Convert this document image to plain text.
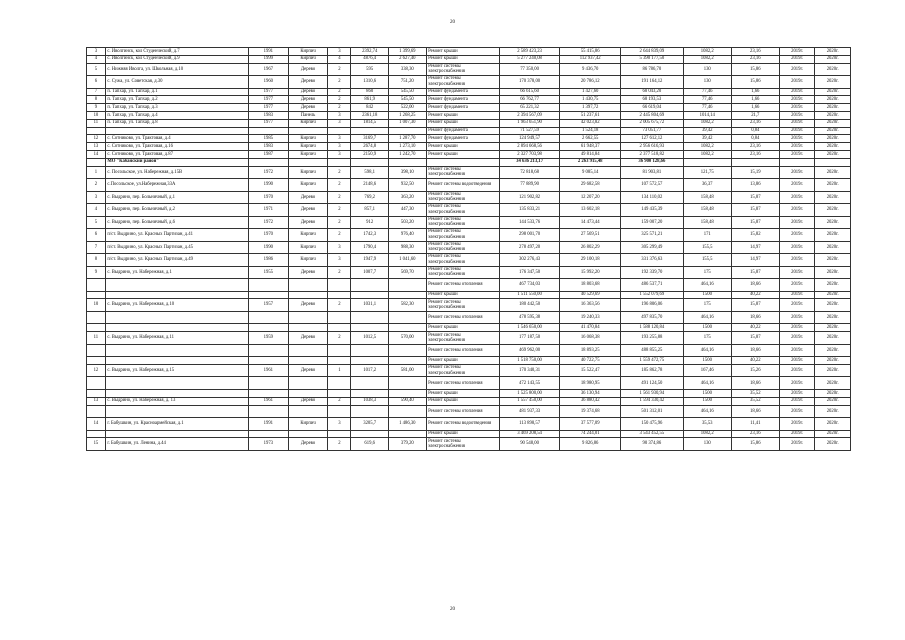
20
3	с. Иволгинск, кол Студенческий, д.7	1991	Кирпич	3	2392,74	1 399,69	Ремонт крыши	2 589 423,23	55 415,86	2 644 839,09	1082,2	23,16	2019г.	2020г.
4	с. Иволгинск, кол Студенческий, д.9	1999	Кирпич	4	4876,4	2 627,40	Ремонт крыши	5 277 240,08	112 937,42	5 390 177,50	1082,2	23,16	2019г.	2020г.
5	с. Нижняя Иволга, ул. Школьная, д.10	1967	Дерево	2	595	338,30	Ремонт системы электроснабжения	77 350,00	9 436,70	86 786,70	130	15,86	2019г.	2020г.
6	с. Сужа, ул. Советская, д.30	1960	Дерево	2	1310,6	751,20	Ремонт системы электроснабжения	170 378,00	20 786,12	191 164,12	130	15,86	2019г.	2020г.
7	п. Тапхар, ул. Тапхар, д.1	1977	Дерево	2	860	545,50	Ремонт фундамента	66 615,60	1 427,60	68 043,20	77,46	1,66	2019г.	2020г.
8	п. Тапхар, ул. Тапхар, д.2	1977	Дерево	2	861,9	545,50	Ремонт фундамента	66 762,77	1 430,75	68 193,53	77,46	1,66	2019г.	2020г.
9	п. Тапхар, ул. Тапхар, д.3	1977	Дерево	2	842	522,00	Ремонт фундамента	65 221,32	1 397,72	66 619,04	77,46	1,66	2019г.	2020г.
10	п. Тапхар, ул. Тапхар, д.4	1983	Панель	3	2361,18	1 268,25	Ремонт крыши	2 394 567,09	51 237,61	2 445 804,69	1014,14	21,7	2019г.	2020г.
11	п. Тапхар, ул. Тапхар, д.8	1977	Кирпич	3	1814,5	1 007,30	Ремонт крыши	1 963 651,90	42 023,82	2 005 675,72	1082,2	23,16	2019г.	2020г.
							Ремонт фундамента	71 527,59	1 524,18	73 051,77	39,42	0,84	2019г.	2020г.
12	с. Сотниково, ул. Трактовая, д.4	1985	Кирпич	3	3169,7	1 287,70	Ремонт фундамента	124 949,57	2 662,55	127 612,12	39,42	0,84	2019г.	2020г.
13	с. Сотниково, ул. Трактовая, д.16	1983	Кирпич	3	2674,8	1 273,10	Ремонт крыши	2 894 668,56	61 948,37	2 956 616,93	1082,2	23,16	2019г.	2020г.
14	с. Сотниково, ул. Трактовая, д.87	1987	Кирпич	3	2150,9	1 242,70	Ремонт крыши	2 327 703,98	49 814,84	2 377 518,82	1082,2	23,16	2019г.	2020г.
	МО "Кабанский район"							34 636 213,17	2 263 915,48	36 900 128,66				
1	с. Посольское, ул. Набережная, д.15В	1972	Кирпич	2	598,1	398,10	Ремонт системы электроснабжения	72 818,68	9 085,14	81 903,81	121,75	15,19	2019г.	2020г.
2	с.Посольское, ул.Набережная,33А	1990	Кирпич	2	2148,6	932,50	Ремонт системы водоотведения	77 889,90	29 682,58	107 572,57	36,37	13,86	2019г.	2020г.
3	с. Выдрино, пер. Больничный, д.1	1970	Дерево	2	769,2	363,20	Ремонт системы электроснабжения	121 902,82	12 207,20	134 110,02	158,48	15,87	2019г.	2020г.
4	с. Выдрино, пер. Больничный, д.2	1971	Дерево	2	857,1	447,30	Ремонт системы электроснабжения	135 833,21	13 602,18	149 435,39	158,48	15,87	2019г.	2020г.
5	с. Выдрино, пер. Больничный, д.6	1972	Дерево	2	912	503,20	Ремонт системы электроснабжения	144 533,76	14 473,44	159 007,20	158,48	15,87	2019г.	2020г.
6	п/ст. Выдрино, ул. Красных Партизан, д.41	1970	Кирпич	2	1742,3	976,40	Ремонт системы электроснабжения	298 001,70	27 569,51	325 571,21	171	15,82	2019г.	2020г.
7	п/ст. Выдрино, ул. Красных Партизан, д.45	1990	Кирпич	3	1790,4	988,30	Ремонт системы электроснабжения	278 497,20	26 802,29	305 299,49	155,5	14,97	2019г.	2020г.
8	п/ст. Выдрино, ул. Красных Партизан, д.49	1986	Кирпич	3	1947,9	1 041,60	Ремонт системы электроснабжения	302 276,43	29 100,18	331 376,63	155,5	14,97	2019г.	2020г.
9	с. Выдрино, ул. Набережная, д.1	1955	Дерево	2	1007,7	569,70	Ремонт системы электроснабжения	176 347,50	15 992,20	192 339,70	175	15,87	2019г.	2020г.
							Ремонт системы отопления	467 734,03	18 803,68	486 537,71	464,16	18,66	2019г.	2020г.
							Ремонт крыши	1 511 550,00	40 529,69	1 552 079,69	1500	40,22	2019г.	2020г.
10	с. Выдрино, ул. Набережная, д.10	1957	Дерево	2	1031,1	582,30	Ремонт системы электроснабжения	180 442,50	16 363,56	196 806,06	175	15,87	2019г.	2020г.
							Ремонт системы отопления	478 595,38	19 240,33	497 835,70	464,16	18,66	2019г.	2020г.
							Ремонт крыши	1 546 650,00	41 470,84	1 588 120,84	1500	40,22	2019г.	2020г.
11	с. Выдрино, ул. Набережная, д.11	1959	Дерево	2	1012,5	570,00	Ремонт системы электроснабжения	177 187,50	16 068,38	193 255,88	175	15,87	2019г.	2020г.
							Ремонт системы отопления	469 962,00	18 893,25	488 855,25	464,16	18,66	2019г.	2020г.
							Ремонт крыши	1 518 750,00	40 722,75	1 559 472,75	1500	40,22	2019г.	2020г.
12	с. Выдрино, ул. Набережная, д.15	1961	Дерево	1	1017,2	581,00	Ремонт системы электроснабжения	170 340,31	15 522,47	185 862,78	167,46	15,26	2019г.	2020г.
							Ремонт системы отопления	472 143,55	18 980,95	491 124,50	464,16	18,66	2019г.	2020г.
							Ремонт крыши	1 525 800,00	36 130,94	1 561 930,94	1500	35,52	2019г.	2020г.
13	с. Выдрино, ул. Набережная, д. 13	1961	Дерево	2	1038,3	590,40	Ремонт крыши	1 557 450,00	36 880,42	1 594 330,42	1500	35,52	2019г.	2020г.
							Ремонт системы отопления	481 937,33	19 374,68	501 312,01	464,16	18,66	2019г.	2020г.
14	г. Бабушкин, ул. Красноармейская, д.1	1991	Кирпич	3	3205,7	1 486,30	Ремонт системы водоотведения	113 898,57	37 577,09	150 475,96	35,53	11,41	2019г.	2020г.
							Ремонт крыши	3 469 208,54	74 244,01	3 543 452,55	1082,2	23,16	2019г.	2020г.
15	г. Бабушкин, ул. Ленина, д.44	1973	Дерево	2	619,6	379,20	Ремонт системы электроснабжения	90 548,00	9 826,86	90 374,86	130	15,86	2019г.	2020г.
20
